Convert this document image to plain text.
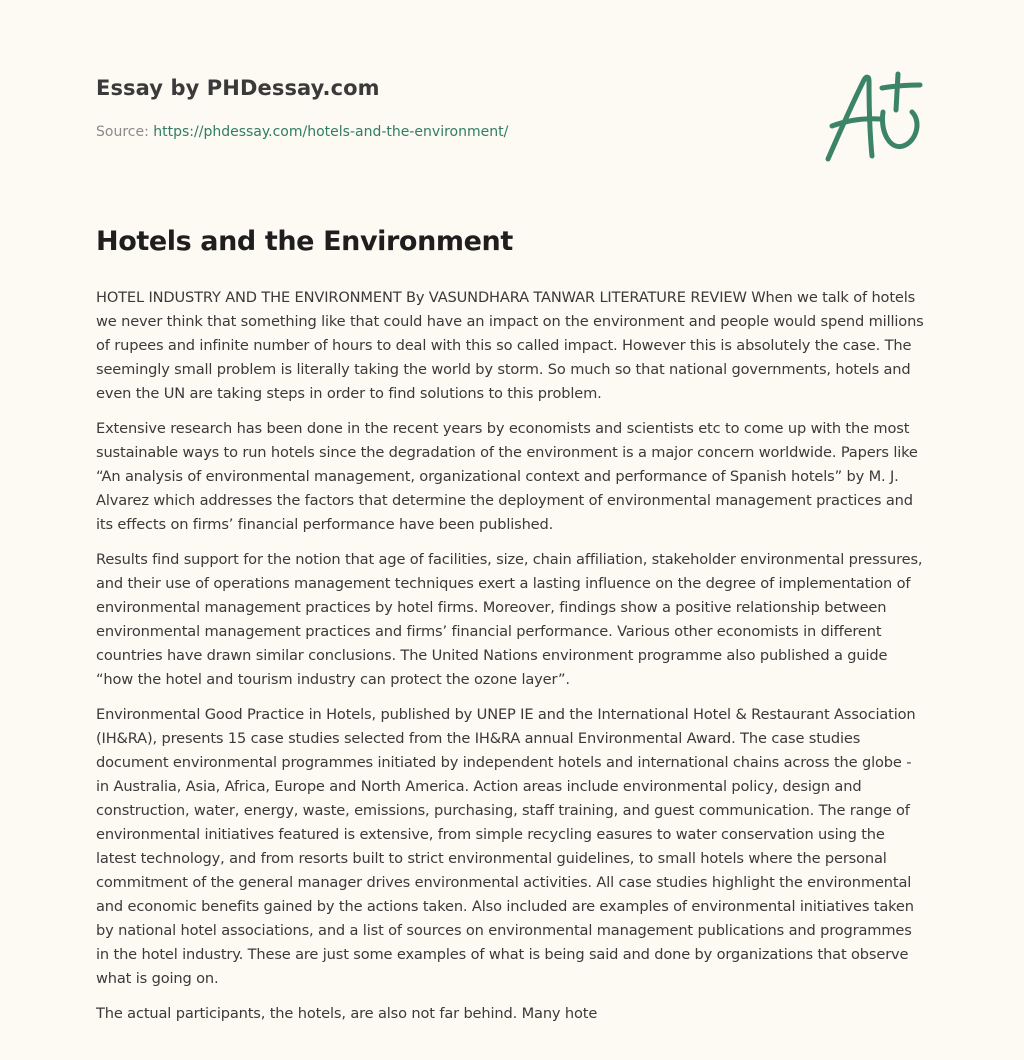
Essay by PHDessay.com
Source: https://phdessay.com/hotels-and-the-environment/
Hotels and the Environment

HOTEL INDUSTRY AND THE ENVIRONMENT By VASUNDHARA TANWAR LITERATURE REVIEW When we talk of hotels we never think that something like that could have an impact on the environment and people would spend millions of rupees and infinite number of hours to deal with this so called impact. However this is absolutely the case. The seemingly small problem is literally taking the world by storm. So much so that national governments, hotels and even the UN are taking steps in order to find solutions to this problem.

Extensive research has been done in the recent years by economists and scientists etc to come up with the most sustainable ways to run hotels since the degradation of the environment is a major concern worldwide. Papers like “An analysis of environmental management, organizational context and performance of Spanish hotels” by M. J. Alvarez which addresses the factors that determine the deployment of environmental management practices and its effects on firms’ financial performance have been published.

Results find support for the notion that age of facilities, size, chain affiliation, stakeholder environmental pressures, and their use of operations management techniques exert a lasting influence on the degree of implementation of environmental management practices by hotel firms. Moreover, findings show a positive relationship between environmental management practices and firms’ financial performance. Various other economists in different countries have drawn similar conclusions. The United Nations environment programme also published a guide “how the hotel and tourism industry can protect the ozone layer”.

Environmental Good Practice in Hotels, published by UNEP IE and the International Hotel & Restaurant Association (IH&RA), presents 15 case studies selected from the IH&RA annual Environmental Award. The case studies document environmental programmes initiated by independent hotels and international chains across the globe - in Australia, Asia, Africa, Europe and North America. Action areas include environmental policy, design and construction, water, energy, waste, emissions, purchasing, staff training, and guest communication. The range of environmental initiatives featured is extensive, from simple recycling easures to water conservation using the latest technology, and from resorts built to strict environmental guidelines, to small hotels where the personal commitment of the general manager drives environmental activities. All case studies highlight the environmental and economic benefits gained by the actions taken. Also included are examples of environmental initiatives taken by national hotel associations, and a list of sources on environmental management publications and programmes in the hotel industry. These are just some examples of what is being said and done by organizations that observe what is going on.

The actual participants, the hotels, are also not far behind. Many hote
